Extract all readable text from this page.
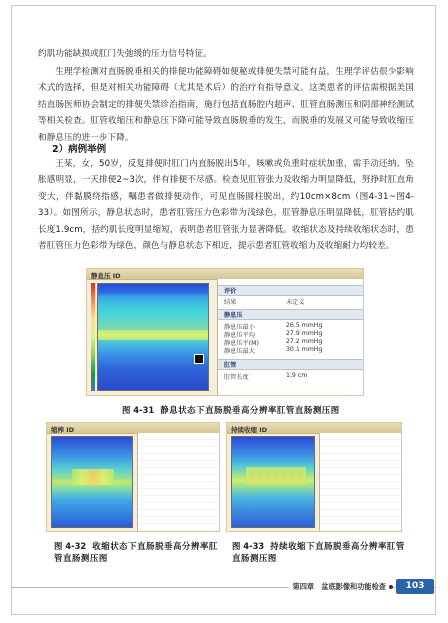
约肌功能缺损或肛门失弛缓的压力信号特征。
生理学检测对直肠脱垂相关的排便功能障碍如便秘或排便失禁可能有益，生理学评估很少影响术式的选择，但是对相关功能障碍（尤其是术后）的治疗有指导意义。这类患者的评估需根据美国结直肠医师协会制定的排便失禁诊治指南，施行包括直肠腔内超声、肛管直肠测压和阴部神经测试等相关检查。肛管收缩压和静息压下降可能导致直肠脱垂的发生，而脱垂的发展又可能导致收缩压和静息压的进一步下降。
2）病例举例
王某，女，50岁，反复排便时肛门内直肠脱出5年，咳嗽或负重时症状加重，需手动还纳。坠胀感明显，一天排便2~3次，伴有排便不尽感。检查见肛管张力及收缩力明显降低，努挣时肛直角变大，伴黏膜绕指感，嘱患者做排便动作，可见直肠圆柱脱出，约10cm×8cm（图4-31~图4-33）。如图所示，静息状态时，患者肛管压力色彩带为浅绿色，肛管静息压明显降低，肛管括约肌长度1.9cm，括约肌长度明显缩短，表明患者肛管张力显著降低。收缩状态及持续收缩状态时，患者肛管压力色彩带为绿色，颜色与静息状态下相近，提示患者肛管收缩力及收缩耐力均较差。
静息压 ID
评价
结果	未定义
静息压
静息压最小	26.5 mmHg
静息压平均	27.9 mmHg
静息压平(M)	27.2 mmHg
静息压最大	30.1 mmHg
肛管
肛管长度	1.9 cm
图 4-31 静息状态下直肠脱垂高分辨率肛管直肠测压图
缩榨 ID
图 4-32 收缩状态下直肠脱垂高分辨率肛管直肠测压图
持续收缩 ID
图 4-33 持续收缩下直肠脱垂高分辨率肛管直肠测压图
第四章　盆底影像和功能检查	103
